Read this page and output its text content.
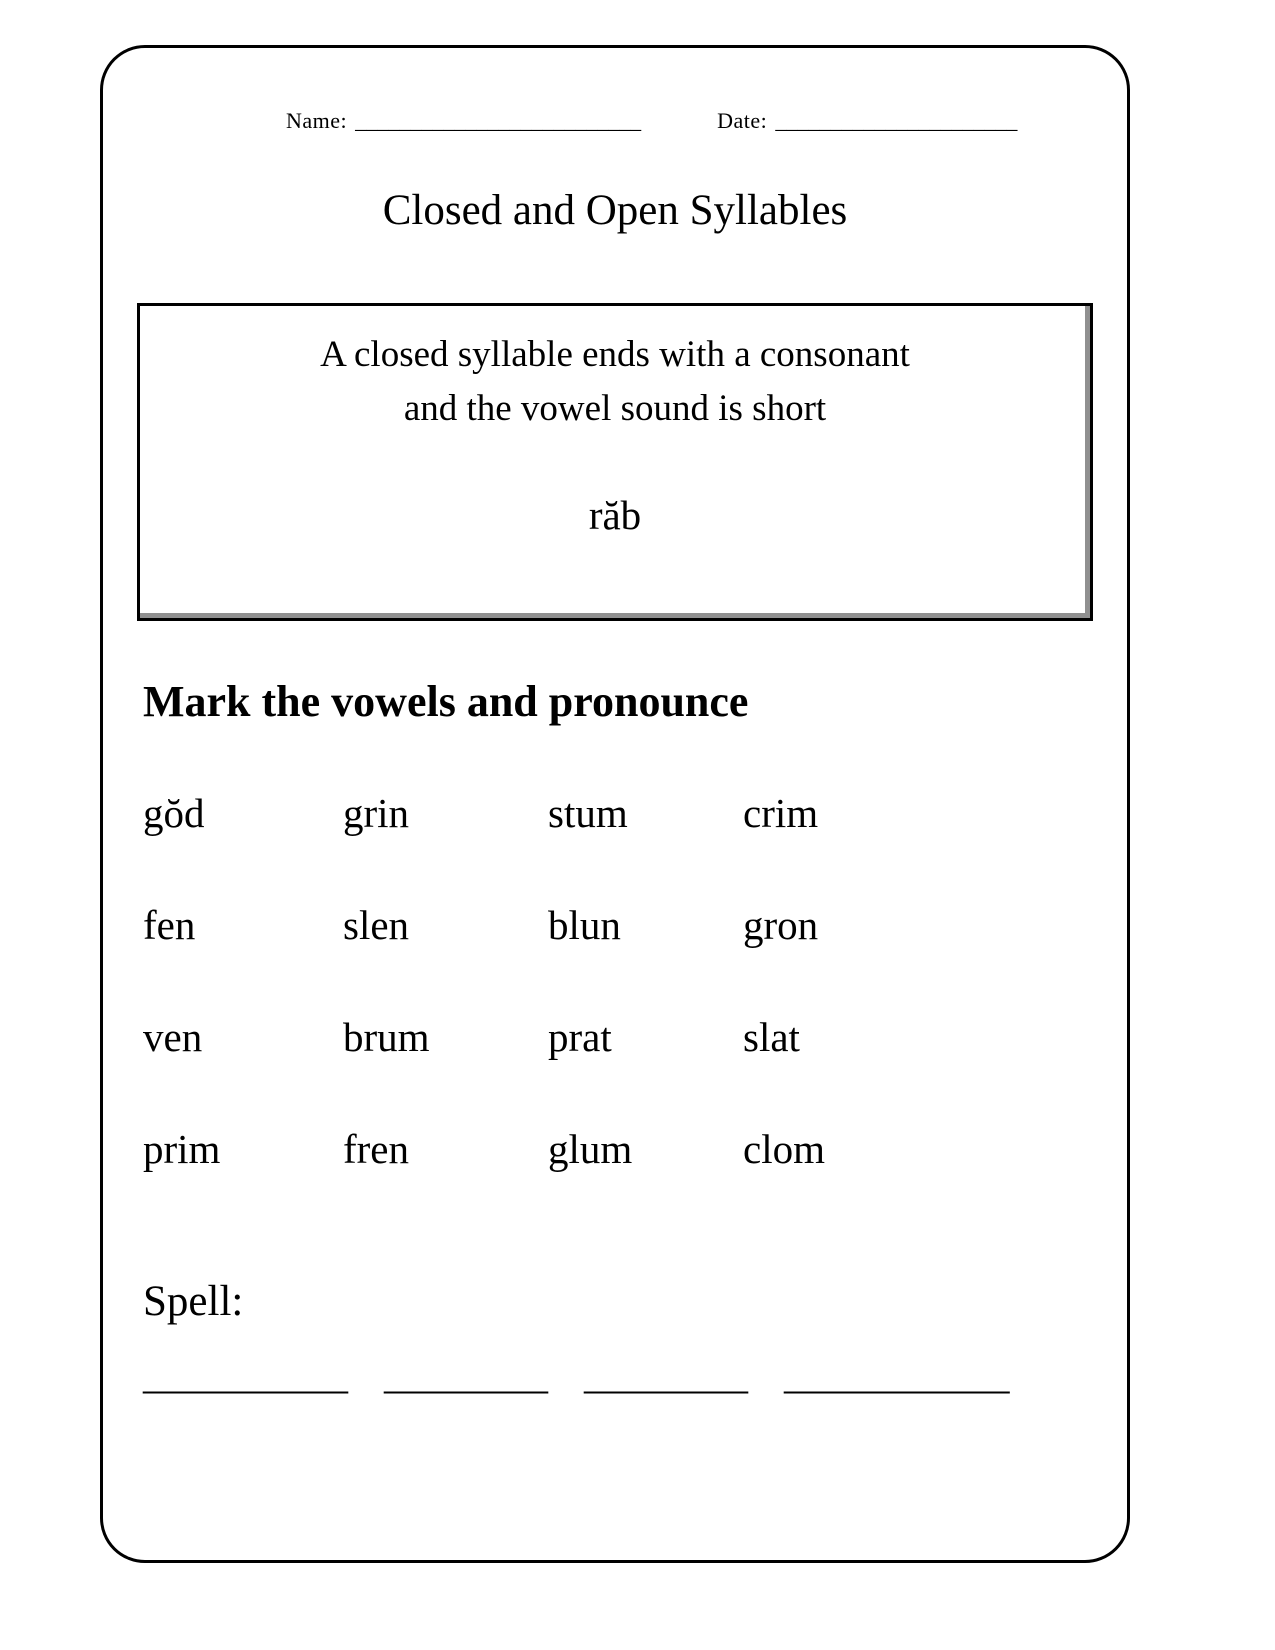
Name: __________________________	Date: ______________________
Closed and Open Syllables
A closed syllable ends with a consonant
and the vowel sound is short
răb
Mark the vowels and pronounce
gŏd	grin	stum	crim
fen	slen	blun	gron
ven	brum	prat	slat
prim	fren	glum	clom
Spell:
__________ ________ ________ ___________
